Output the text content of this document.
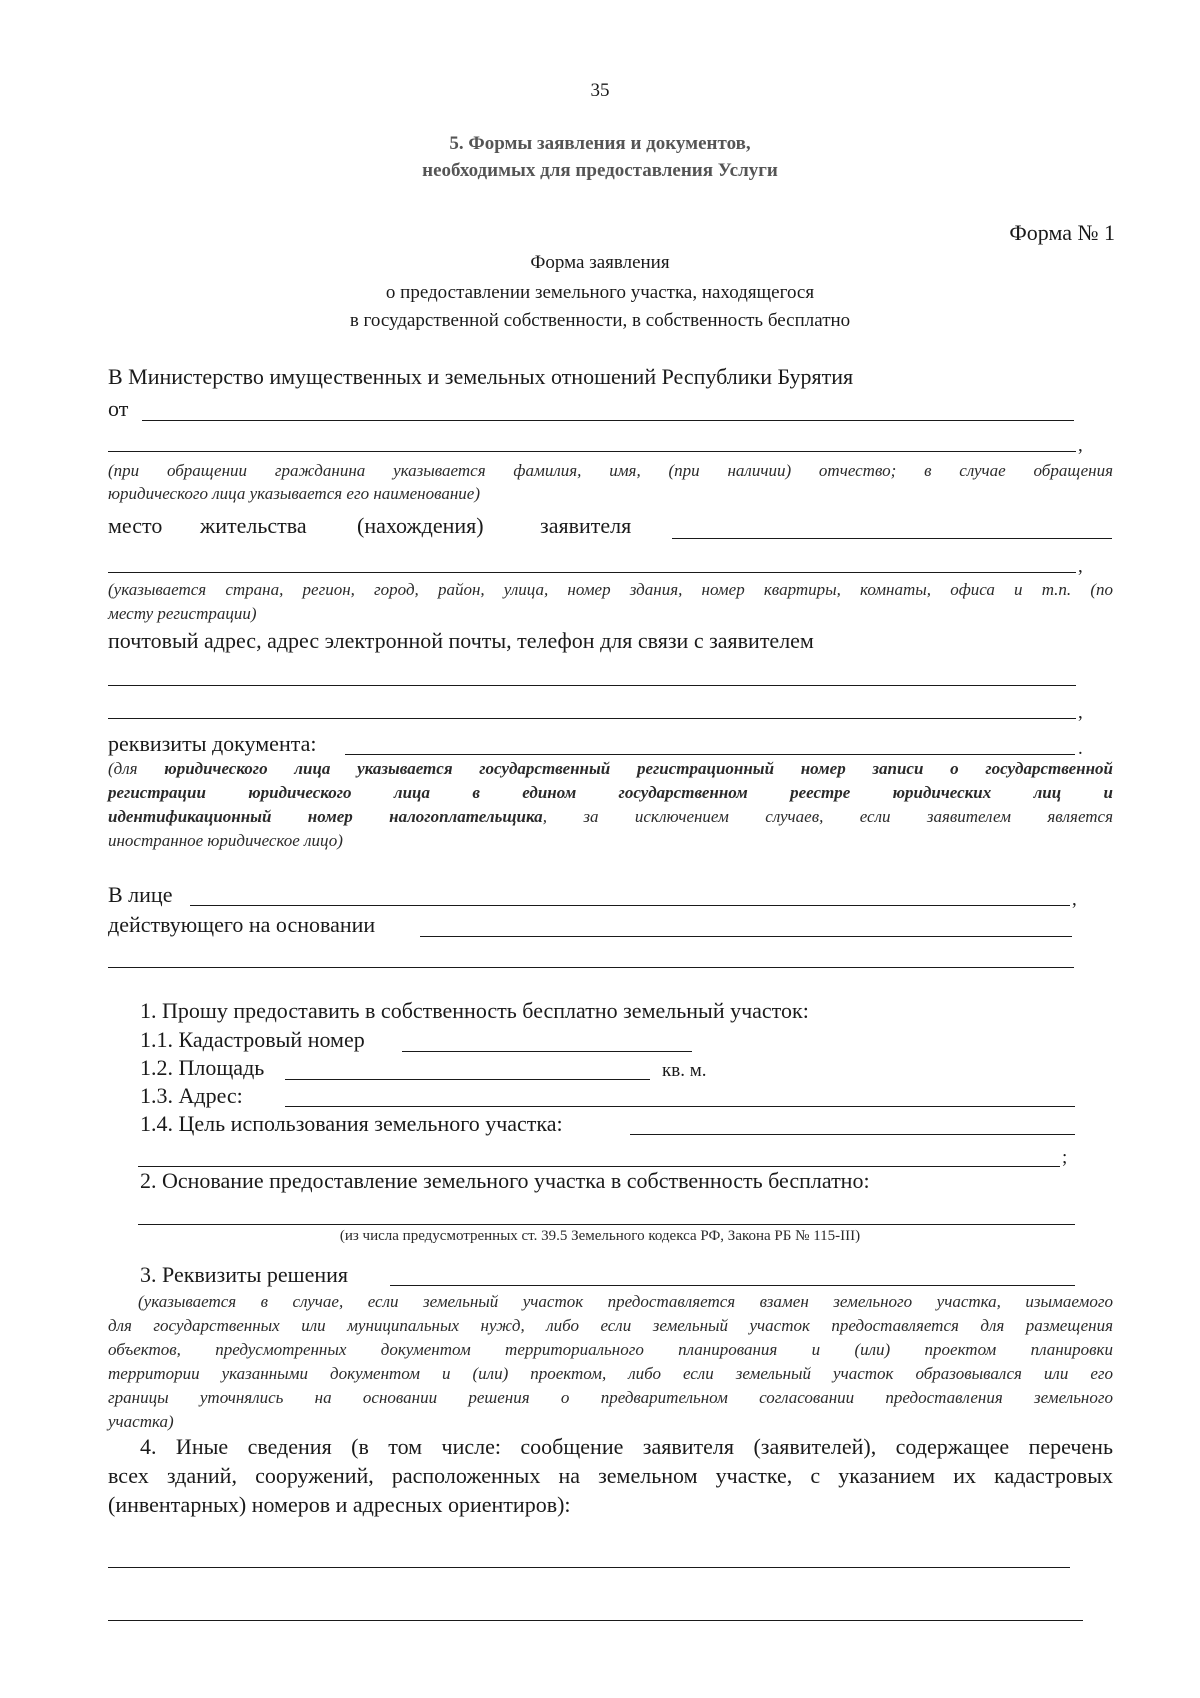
35
5. Формы заявления и документов,
необходимых для предоставления Услуги
Форма № 1
Форма заявления
о предоставлении земельного участка, находящегося
в государственной собственности, в собственность бесплатно
В Министерство имущественных и земельных отношений Республики Бурятия
от
,
(при обращении гражданина указывается фамилия, имя, (при наличии) отчество; в случае обращения
юридического лица указывается его наименование)
место жительства (нахождения)	заявителя
,
(указывается страна, регион, город, район, улица, номер здания, номер квартиры, комнаты, офиса и т.п. (по
месту регистрации)
почтовый адрес, адрес электронной почты, телефон для связи с заявителем
,
реквизиты документа:	.
(для юридического лица указывается государственный регистрационный номер записи о государственной
регистрации юридического лица в едином государственном реестре юридических лиц и
идентификационный номер налогоплательщика, за исключением случаев, если заявителем является
иностранное юридическое лицо)
В лице	,
действующего на основании
1. Прошу предоставить в собственность бесплатно земельный участок:
1.1. Кадастровый номер
1.2. Площадь	кв. м.
1.3. Адрес:
1.4. Цель использования земельного участка:
;
2. Основание предоставление земельного участка в собственность бесплатно:
(из числа предусмотренных ст. 39.5 Земельного кодекса РФ, Закона РБ № 115-III)
3. Реквизиты решения
(указывается в случае, если земельный участок предоставляется взамен земельного участка, изымаемого
для государственных или муниципальных нужд, либо если земельный участок предоставляется для размещения
объектов, предусмотренных документом территориального планирования и (или) проектом планировки
территории указанными документом и (или) проектом, либо если земельный участок образовывался или его
границы уточнялись на основании решения о предварительном согласовании предоставления земельного
участка)
4. Иные сведения (в том числе: сообщение заявителя (заявителей), содержащее перечень
всех зданий, сооружений, расположенных на земельном участке, с указанием их кадастровых
(инвентарных) номеров и адресных ориентиров):
